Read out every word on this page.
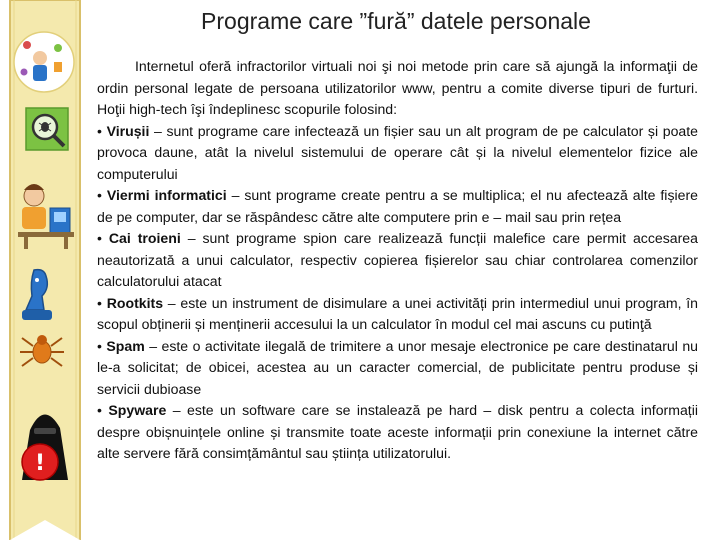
!
Programe care ”fură” datele personale

Internetul oferă infractorilor virtuali noi şi noi metode prin care să ajungă la informaţii de ordin personal legate de persoana utilizatorilor www, pentru a comite diverse tipuri de furturi. Hoţii high-tech îşi îndeplinesc scopurile folosind:

• Virușii – sunt programe care infectează un fișier sau un alt program de pe calculator și poate provoca daune, atât la nivelul sistemului de operare cât și la nivelul elementelor fizice ale computerului

• Viermi informatici – sunt programe create pentru a se multiplica; el nu afectează alte fișiere de pe computer, dar se răspândesc către alte computere prin e – mail sau prin rețea

• Cai troieni – sunt programe spion care realizează funcții malefice care permit accesarea neautorizată a unui calculator, respectiv copierea fișierelor sau chiar controlarea comenzilor calculatorului atacat

• Rootkits – este un instrument de disimulare a unei activități prin intermediul unui program, în scopul obținerii și menținerii accesului la un calculator în modul cel mai ascuns cu putinţă

• Spam – este o activitate ilegală de trimitere a unor mesaje electronice pe care destinatarul nu le-a solicitat; de obicei, acestea au un caracter comercial, de publicitate pentru produse și servicii dubioase

• Spyware – este un software care se instalează pe hard – disk pentru a colecta informații despre obișnuințele online și transmite toate aceste informații prin conexiune la internet către alte servere fără consimțământul sau știința utilizatorului.
